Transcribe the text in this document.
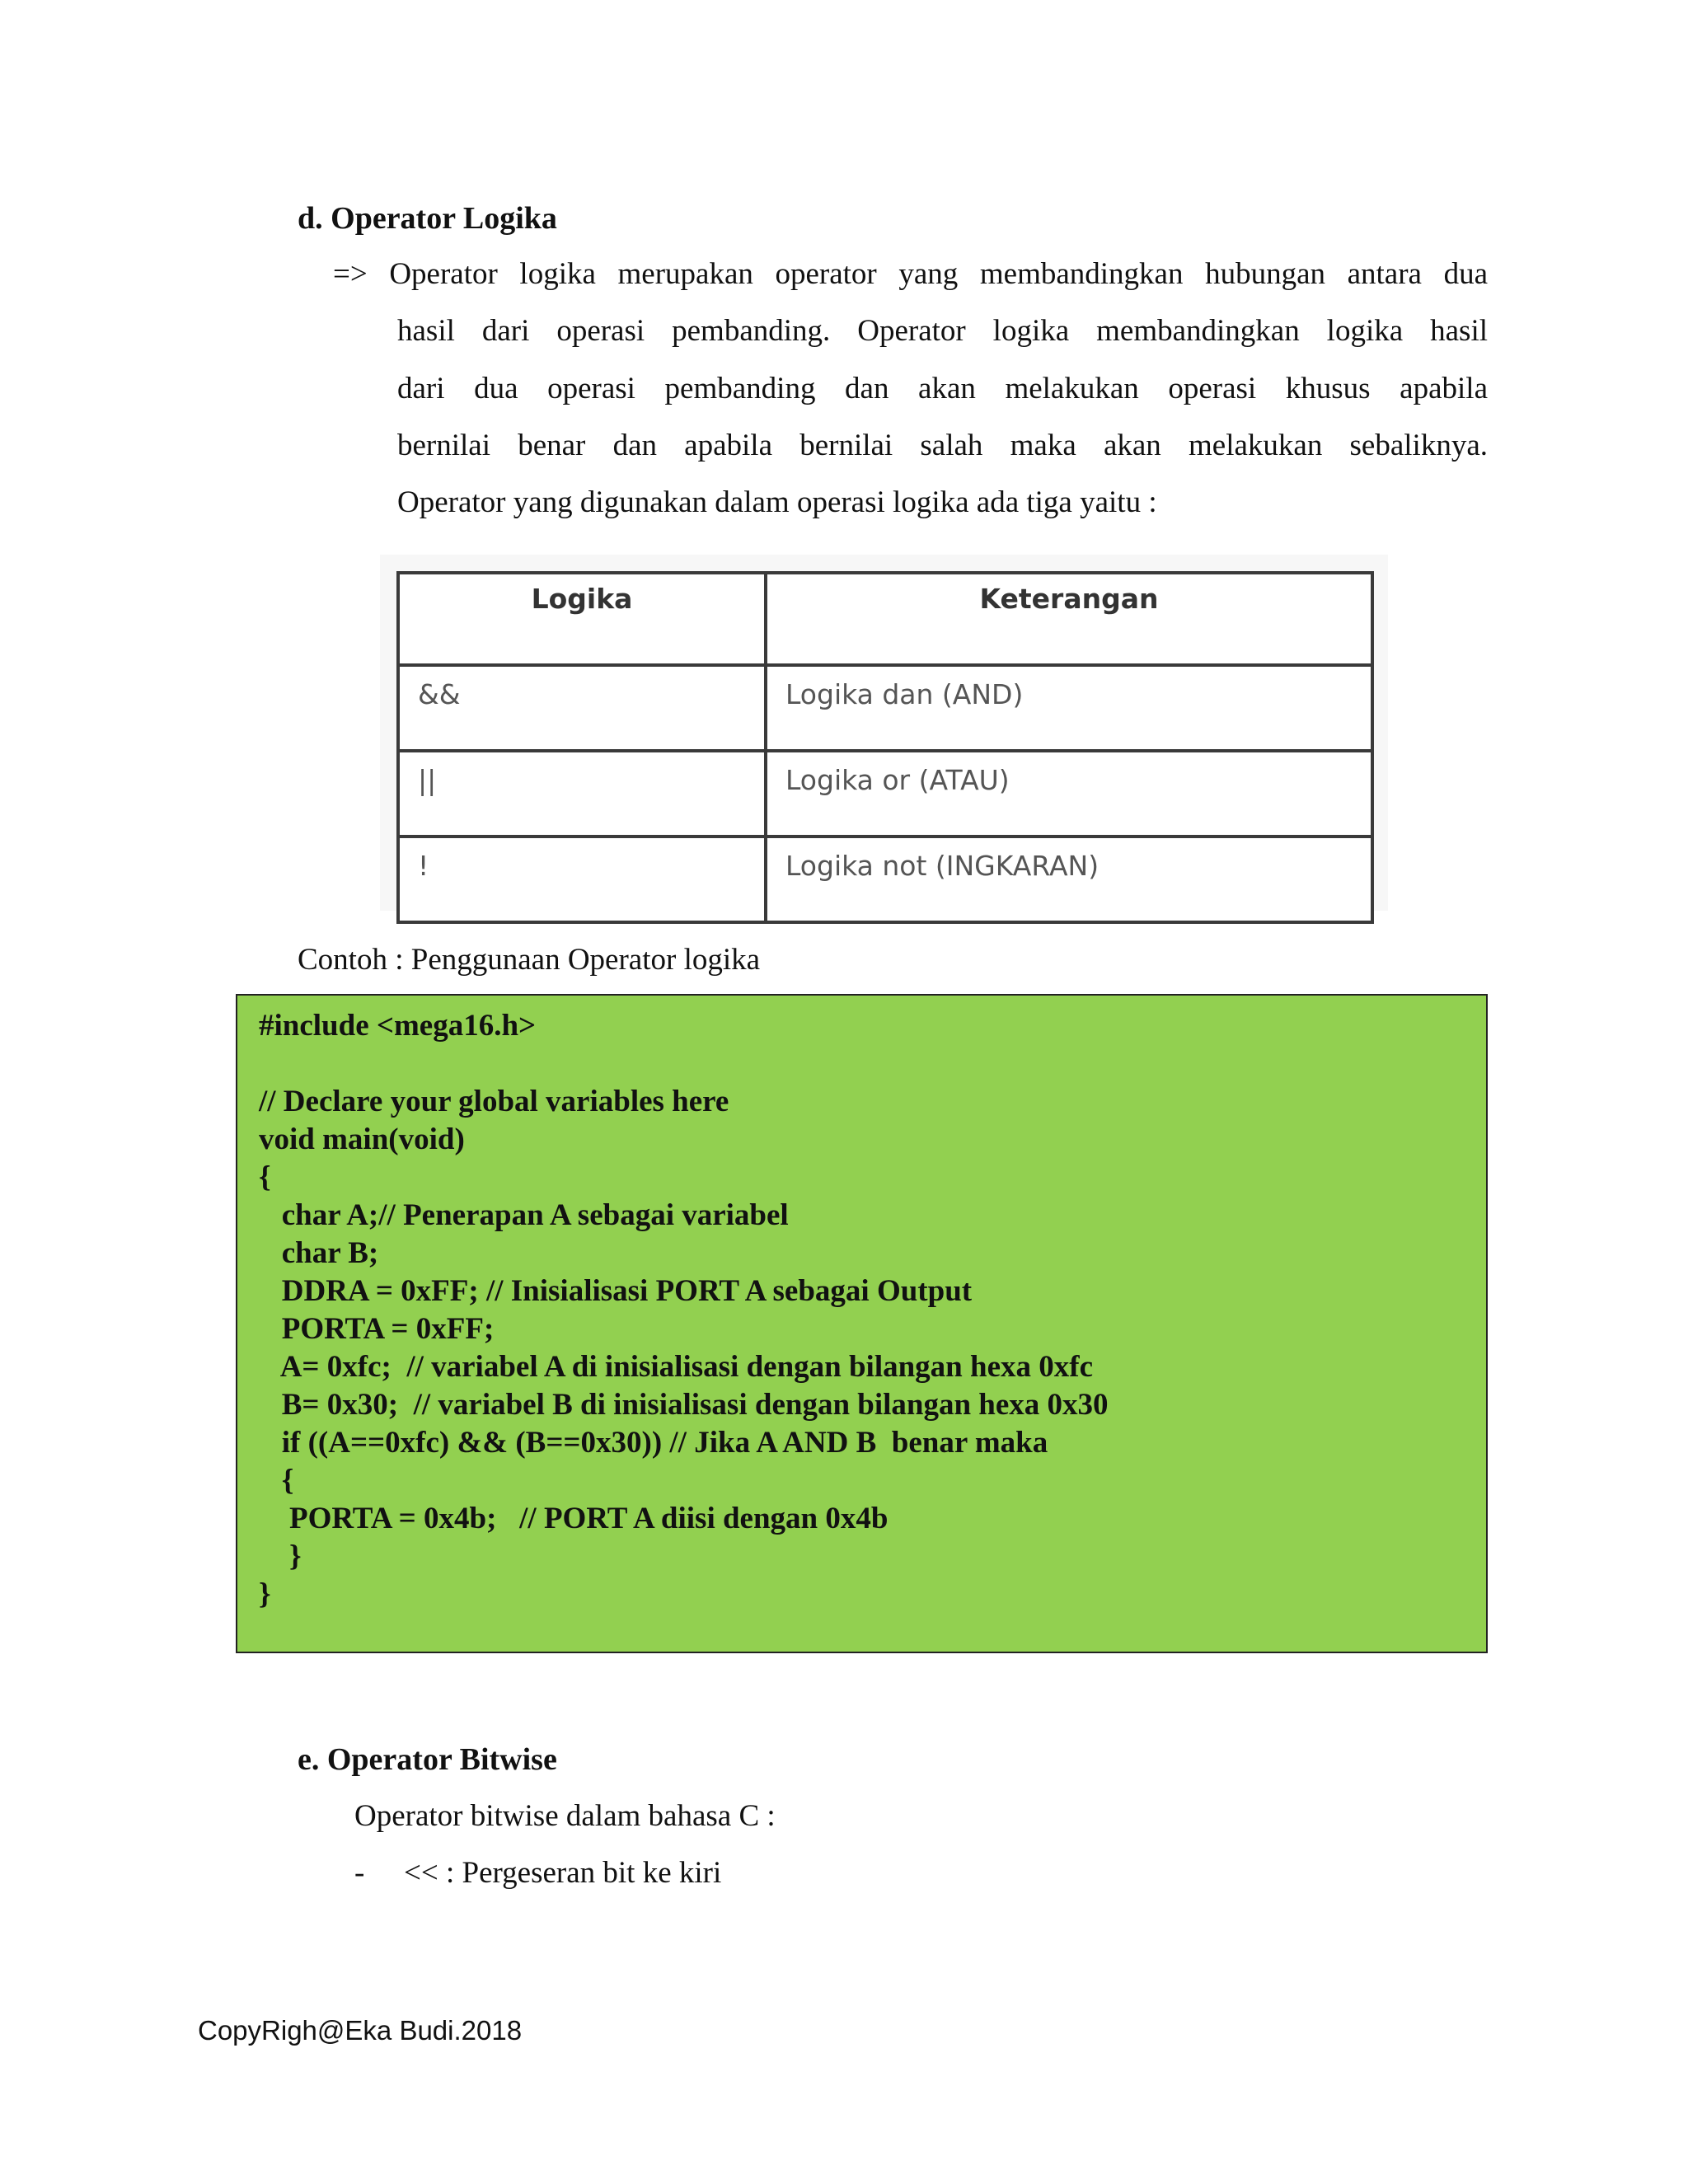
d. Operator Logika
=> Operator logika merupakan operator yang membandingkan hubungan antara dua
hasil dari operasi pembanding. Operator logika membandingkan logika hasil
dari dua operasi pembanding dan akan melakukan operasi khusus apabila
bernilai benar dan apabila bernilai salah maka akan melakukan sebaliknya.
Operator yang digunakan dalam operasi logika ada tiga yaitu :
Logika	Keterangan
&&	Logika dan (AND)
||	Logika or (ATAU)
!	Logika not (INGKARAN)
Contoh : Penggunaan Operator logika
#include <mega16.h>
// Declare your global variables here
void main(void)
{
char A;// Penerapan A sebagai variabel
char B;
DDRA = 0xFF; // Inisialisasi PORT A sebagai Output
PORTA = 0xFF;
A= 0xfc;  // variabel A di inisialisasi dengan bilangan hexa 0xfc
B= 0x30;  // variabel B di inisialisasi dengan bilangan hexa 0x30
if ((A==0xfc) && (B==0x30)) // Jika A AND B  benar maka
{
PORTA = 0x4b;   // PORT A diisi dengan 0x4b
}
}
e. Operator Bitwise
Operator bitwise dalam bahasa C :
- << : Pergeseran bit ke kiri
CopyRigh@Eka Budi.2018
